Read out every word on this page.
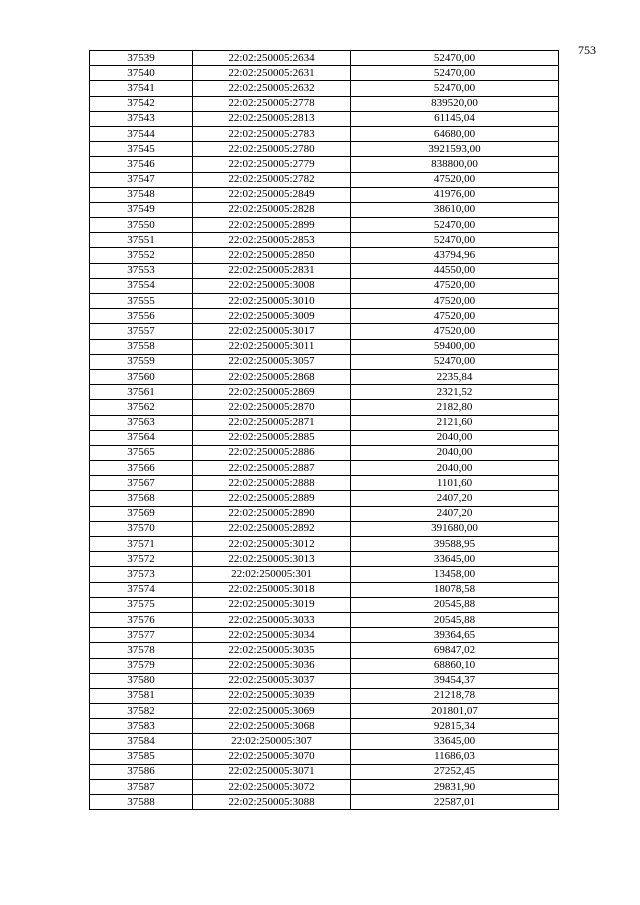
753
37539	22:02:250005:2634	52470,00
37540	22:02:250005:2631	52470,00
37541	22:02:250005:2632	52470,00
37542	22:02:250005:2778	839520,00
37543	22:02:250005:2813	61145,04
37544	22:02:250005:2783	64680,00
37545	22:02:250005:2780	3921593,00
37546	22:02:250005:2779	838800,00
37547	22:02:250005:2782	47520,00
37548	22:02:250005:2849	41976,00
37549	22:02:250005:2828	38610,00
37550	22:02:250005:2899	52470,00
37551	22:02:250005:2853	52470,00
37552	22:02:250005:2850	43794,96
37553	22:02:250005:2831	44550,00
37554	22:02:250005:3008	47520,00
37555	22:02:250005:3010	47520,00
37556	22:02:250005:3009	47520,00
37557	22:02:250005:3017	47520,00
37558	22:02:250005:3011	59400,00
37559	22:02:250005:3057	52470,00
37560	22:02:250005:2868	2235,84
37561	22:02:250005:2869	2321,52
37562	22:02:250005:2870	2182,80
37563	22:02:250005:2871	2121,60
37564	22:02:250005:2885	2040,00
37565	22:02:250005:2886	2040,00
37566	22:02:250005:2887	2040,00
37567	22:02:250005:2888	1101,60
37568	22:02:250005:2889	2407,20
37569	22:02:250005:2890	2407,20
37570	22:02:250005:2892	391680,00
37571	22:02:250005:3012	39588,95
37572	22:02:250005:3013	33645,00
37573	22:02:250005:301	13458,00
37574	22:02:250005:3018	18078,58
37575	22:02:250005:3019	20545,88
37576	22:02:250005:3033	20545,88
37577	22:02:250005:3034	39364,65
37578	22:02:250005:3035	69847,02
37579	22:02:250005:3036	68860,10
37580	22:02:250005:3037	39454,37
37581	22:02:250005:3039	21218,78
37582	22:02:250005:3069	201801,07
37583	22:02:250005:3068	92815,34
37584	22:02:250005:307	33645,00
37585	22:02:250005:3070	11686,03
37586	22:02:250005:3071	27252,45
37587	22:02:250005:3072	29831,90
37588	22:02:250005:3088	22587,01
